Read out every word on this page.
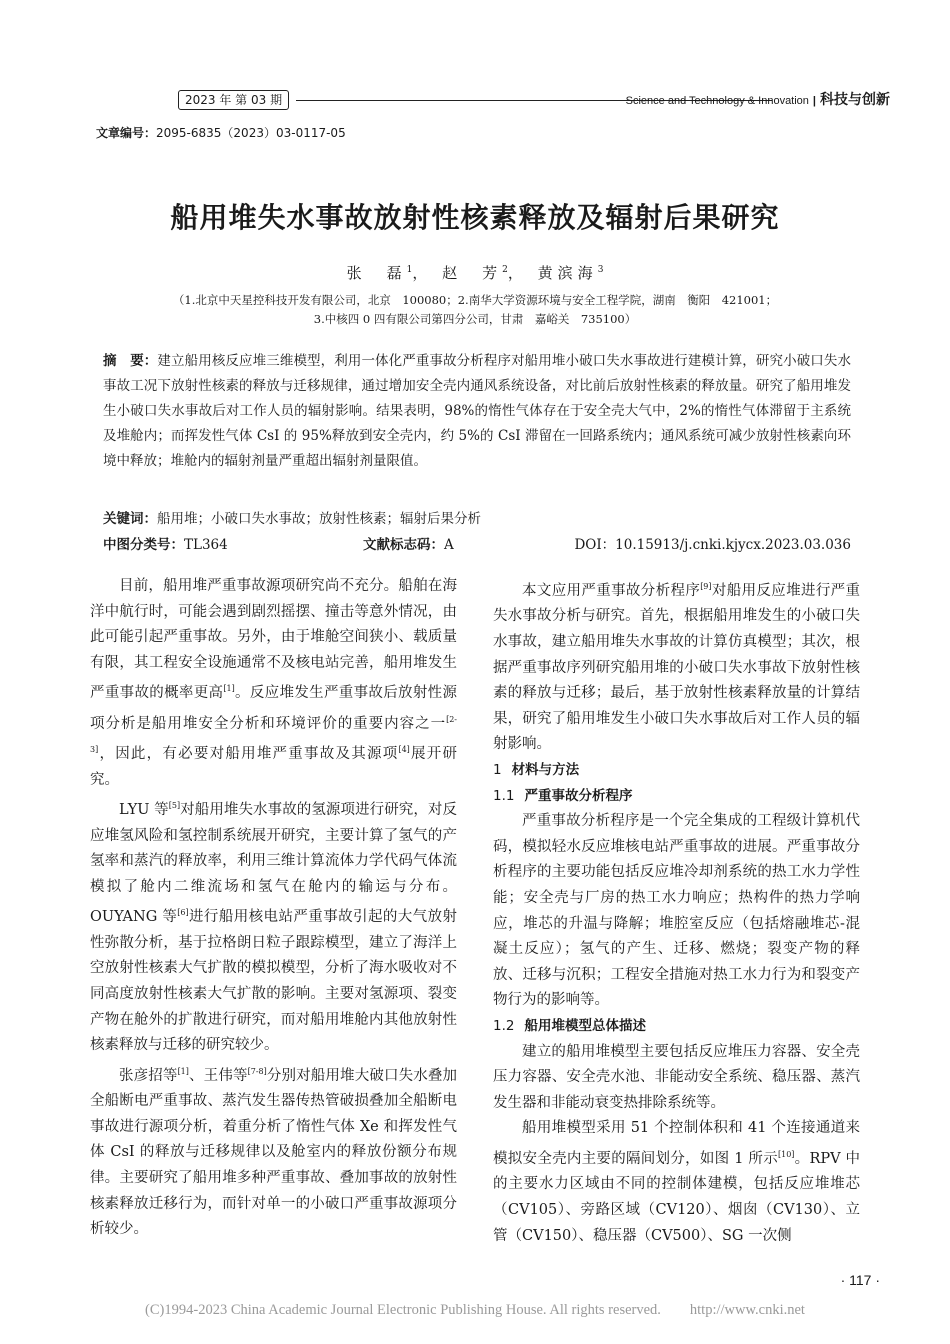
2023 年 第 03 期	Science and Technology & Innovation | 科技与创新
文章编号：2095-6835（2023）03-0117-05
船用堆失水事故放射性核素释放及辐射后果研究
张　磊$^1$， 赵　芳$^2$， 黄滨海$^3$
（1.北京中天星控科技开发有限公司，北京　100080；2.南华大学资源环境与安全工程学院，湖南　衡阳　421001；
3.中核四 0 四有限公司第四分公司，甘肃　嘉峪关　735100）
摘　要：建立船用核反应堆三维模型，利用一体化严重事故分析程序对船用堆小破口失水事故进行建模计算，研究小破口失水事故工况下放射性核素的释放与迁移规律，通过增加安全壳内通风系统设备，对比前后放射性核素的释放量。研究了船用堆发生小破口失水事故后对工作人员的辐射影响。结果表明，98%的惰性气体存在于安全壳大气中，2%的惰性气体滞留于主系统及堆舱内；而挥发性气体 CsI 的 95%释放到安全壳内，约 5%的 CsI 滞留在一回路系统内；通风系统可减少放射性核素向环境中释放；堆舱内的辐射剂量严重超出辐射剂量限值。
关键词：船用堆；小破口失水事故；放射性核素；辐射后果分析
中图分类号：TL364	文献标志码：A	DOI：10.15913/j.cnki.kjycx.2023.03.036

目前，船用堆严重事故源项研究尚不充分。船舶在海洋中航行时，可能会遇到剧烈摇摆、撞击等意外情况，由此可能引起严重事故。另外，由于堆舱空间狭小、载质量有限，其工程安全设施通常不及核电站完善，船用堆发生严重事故的概率更高[1]。反应堆发生严重事故后放射性源项分析是船用堆安全分析和环境评价的重要内容之一[2-3]，因此，有必要对船用堆严重事故及其源项[4]展开研究。

LYU 等[5]对船用堆失水事故的氢源项进行研究，对反应堆氢风险和氢控制系统展开研究，主要计算了氢气的产氢率和蒸汽的释放率，利用三维计算流体力学代码气体流模拟了舱内二维流场和氢气在舱内的输运与分布。OUYANG 等[6]进行船用核电站严重事故引起的大气放射性弥散分析，基于拉格朗日粒子跟踪模型，建立了海洋上空放射性核素大气扩散的模拟模型，分析了海水吸收对不同高度放射性核素大气扩散的影响。主要对氢源项、裂变产物在舱外的扩散进行研究，而对船用堆舱内其他放射性核素释放与迁移的研究较少。

张彦招等[1]、王伟等[7-8]分别对船用堆大破口失水叠加全船断电严重事故、蒸汽发生器传热管破损叠加全船断电事故进行源项分析，着重分析了惰性气体 Xe 和挥发性气体 CsI 的释放与迁移规律以及舱室内的释放份额分布规律。主要研究了船用堆多种严重事故、叠加事故的放射性核素释放迁移行为，而针对单一的小破口严重事故源项分析较少。

本文应用严重事故分析程序[9]对船用反应堆进行严重失水事故分析与研究。首先，根据船用堆发生的小破口失水事故，建立船用堆失水事故的计算仿真模型；其次，根据严重事故序列研究船用堆的小破口失水事故下放射性核素的释放与迁移；最后，基于放射性核素释放量的计算结果，研究了船用堆发生小破口失水事故后对工作人员的辐射影响。

1 材料与方法

1.1 严重事故分析程序

严重事故分析程序是一个完全集成的工程级计算机代码，模拟轻水反应堆核电站严重事故的进展。严重事故分析程序的主要功能包括反应堆冷却剂系统的热工水力学性能；安全壳与厂房的热工水力响应；热构件的热力学响应，堆芯的升温与降解；堆腔室反应（包括熔融堆芯-混凝土反应）；氢气的产生、迁移、燃烧；裂变产物的释放、迁移与沉积；工程安全措施对热工水力行为和裂变产物行为的影响等。

1.2 船用堆模型总体描述

建立的船用堆模型主要包括反应堆压力容器、安全壳压力容器、安全壳水池、非能动安全系统、稳压器、蒸汽发生器和非能动衰变热排除系统等。

船用堆模型采用 51 个控制体积和 41 个连接通道来模拟安全壳内主要的隔间划分，如图 1 所示[10]。RPV 中的主要水力区域由不同的控制体建模，包括反应堆堆芯（CV105）、旁路区域（CV120）、烟囱（CV130）、立管（CV150）、稳压器（CV500）、SG 一次侧

· 117 ·
(C)1994-2023 China Academic Journal Electronic Publishing House. All rights reserved.　　http://www.cnki.net
